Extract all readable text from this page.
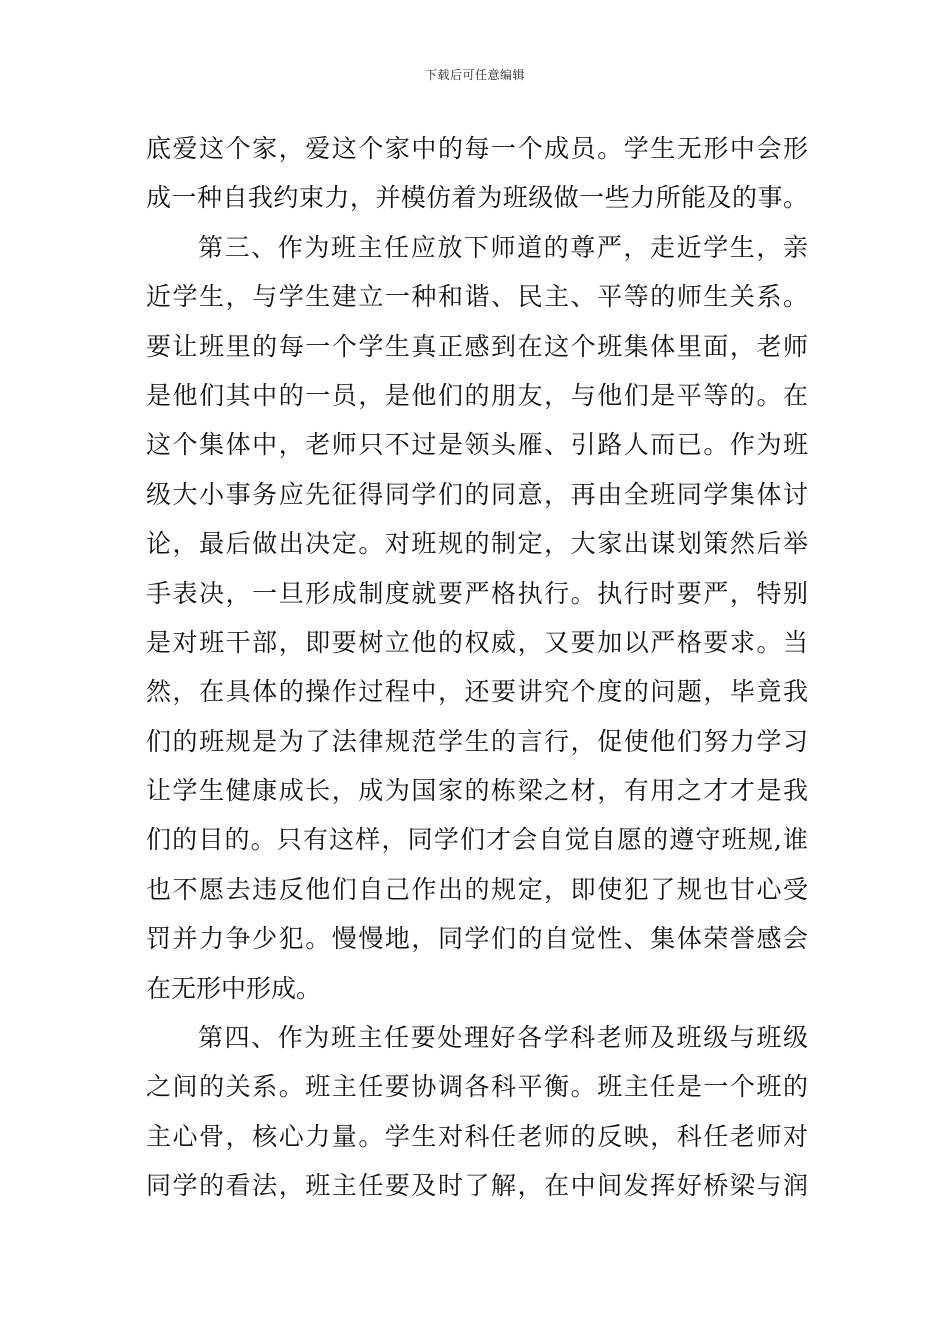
下载后可任意编辑
底爱这个家，爱这个家中的每一个成员。学生无形中会形
成一种自我约束力，并模仿着为班级做一些力所能及的事。
第三、作为班主任应放下师道的尊严，走近学生，亲
近学生，与学生建立一种和谐、民主、平等的师生关系。
要让班里的每一个学生真正感到在这个班集体里面，老师
是他们其中的一员，是他们的朋友，与他们是平等的。在
这个集体中，老师只不过是领头雁、引路人而已。作为班
级大小事务应先征得同学们的同意，再由全班同学集体讨
论，最后做出决定。对班规的制定，大家出谋划策然后举
手表决，一旦形成制度就要严格执行。执行时要严，特别
是对班干部，即要树立他的权威，又要加以严格要求。当
然，在具体的操作过程中，还要讲究个度的问题，毕竟我
们的班规是为了法律规范学生的言行，促使他们努力学习
让学生健康成长，成为国家的栋梁之材，有用之才才是我
们的目的。只有这样，同学们才会自觉自愿的遵守班规,谁
也不愿去违反他们自己作出的规定，即使犯了规也甘心受
罚并力争少犯。慢慢地，同学们的自觉性、集体荣誉感会
在无形中形成。
第四、作为班主任要处理好各学科老师及班级与班级
之间的关系。班主任要协调各科平衡。班主任是一个班的
主心骨，核心力量。学生对科任老师的反映，科任老师对
同学的看法，班主任要及时了解，在中间发挥好桥梁与润
